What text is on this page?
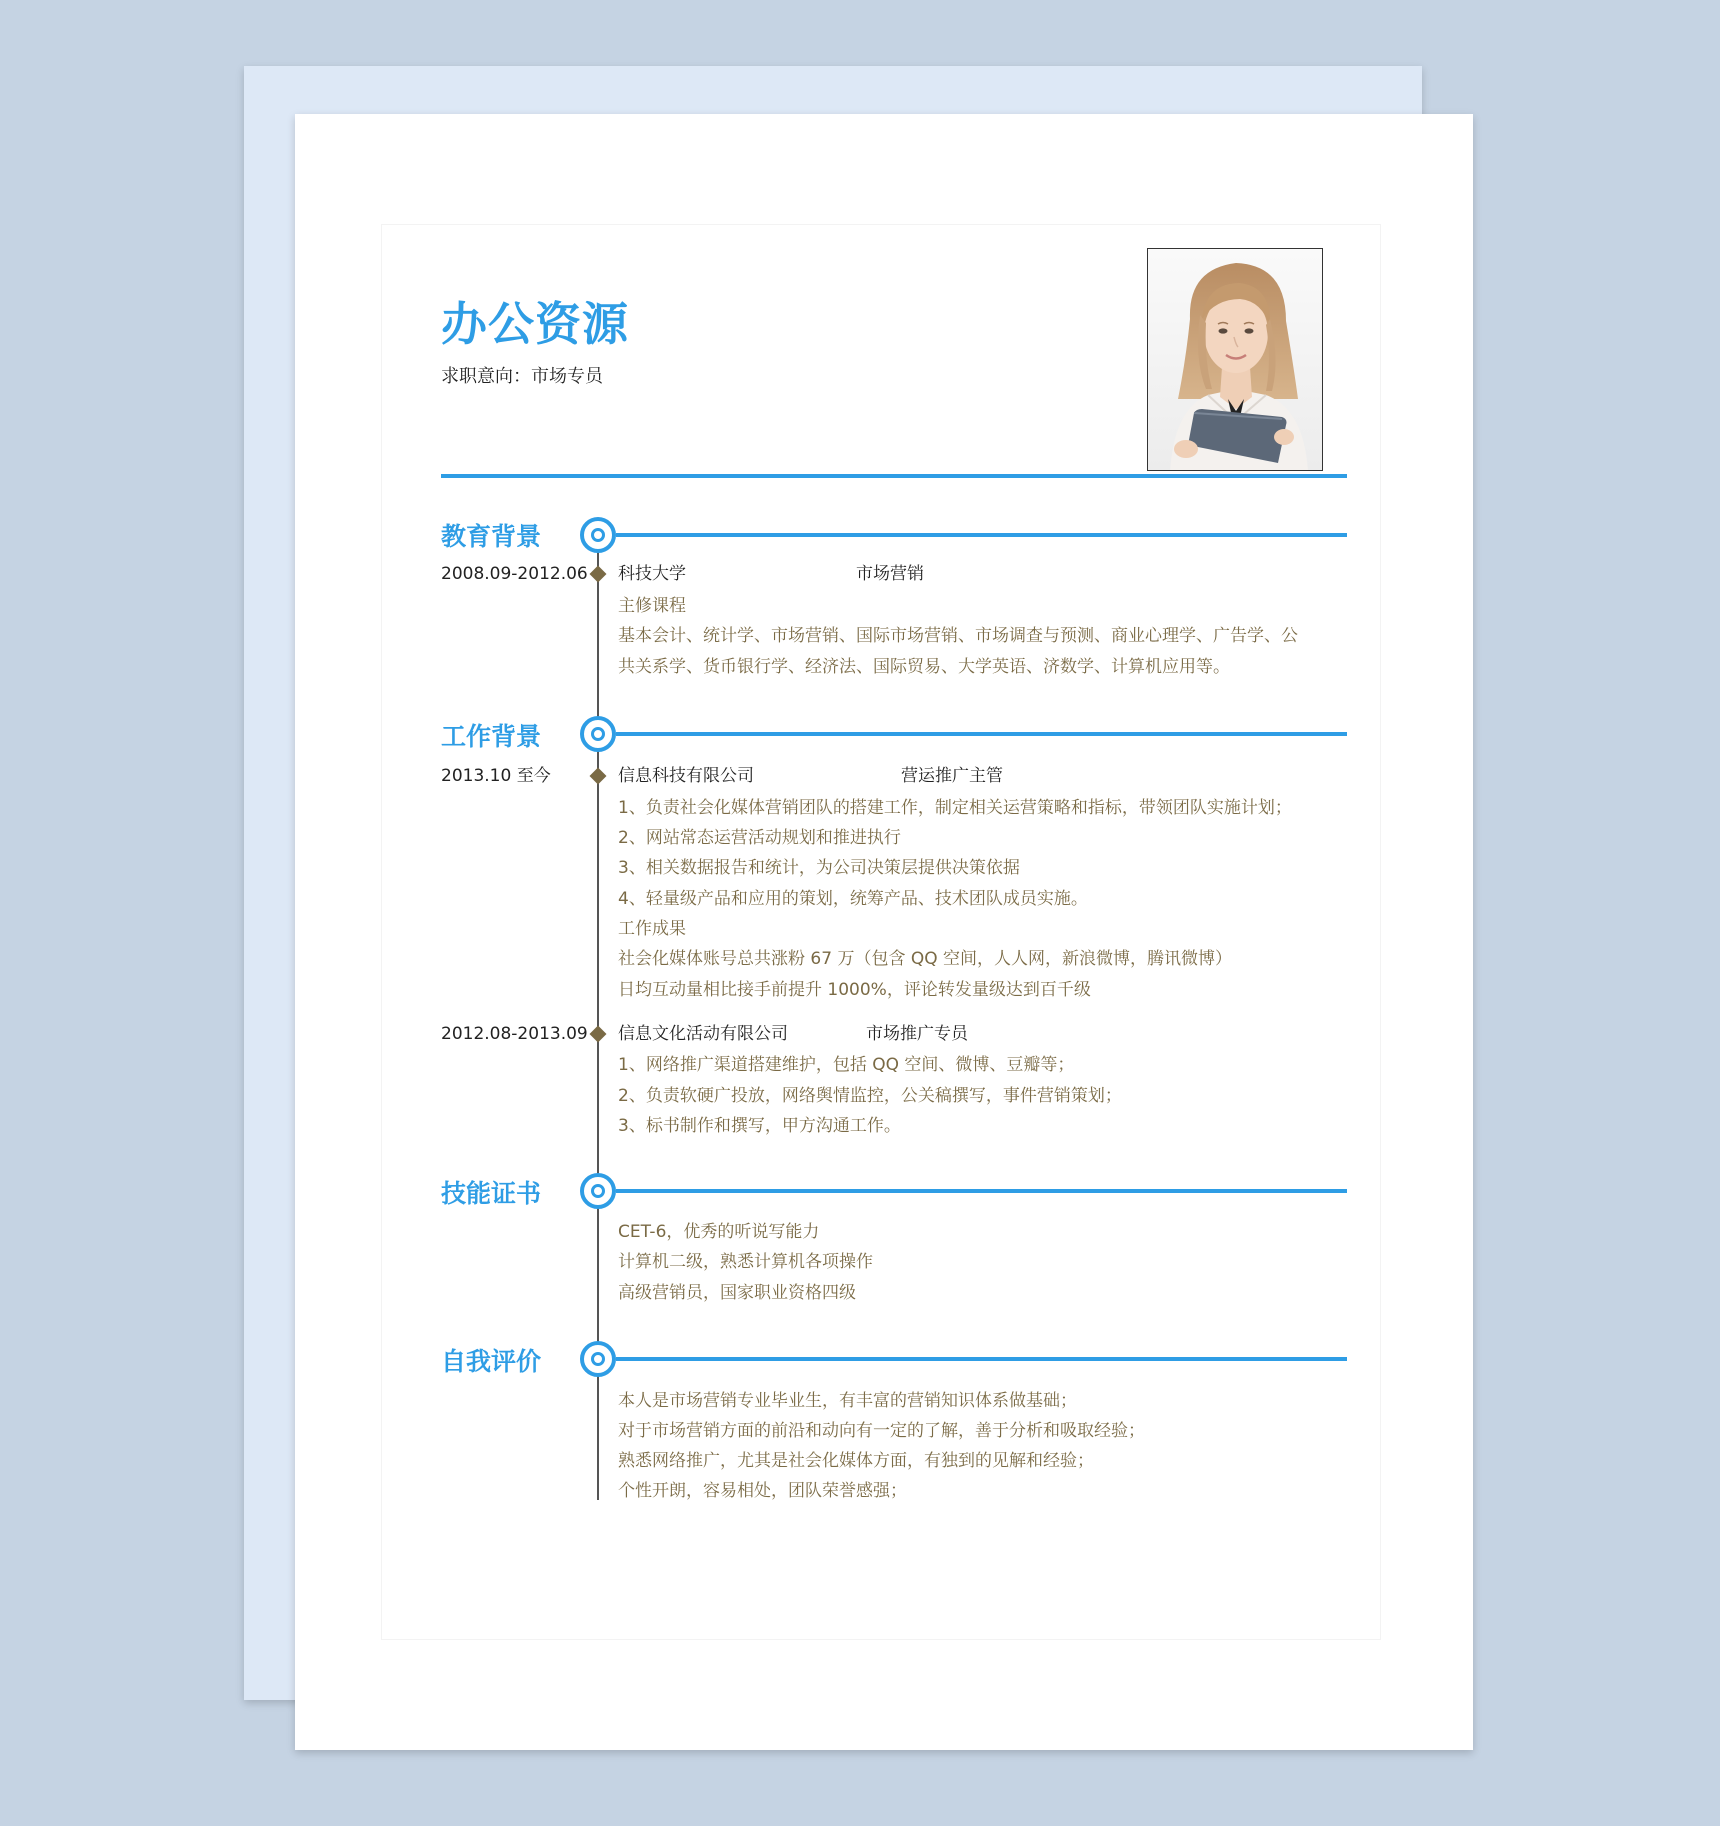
办公资源
求职意向：市场专员
教育背景
2008.09-2012.06 科技大学	市场营销
主修课程
基本会计、统计学、市场营销、国际市场营销、市场调查与预测、商业心理学、广告学、公
共关系学、货币银行学、经济法、国际贸易、大学英语、济数学、计算机应用等。
工作背景
2013.10 至今	信息科技有限公司	营运推广主管
1、负责社会化媒体营销团队的搭建工作，制定相关运营策略和指标，带领团队实施计划；
2、网站常态运营活动规划和推进执行
3、相关数据报告和统计，为公司决策层提供决策依据
4、轻量级产品和应用的策划，统筹产品、技术团队成员实施。
工作成果
社会化媒体账号总共涨粉 67 万（包含 QQ 空间，人人网，新浪微博，腾讯微博）
日均互动量相比接手前提升 1000%，评论转发量级达到百千级
2012.08-2013.09 信息文化活动有限公司	市场推广专员
1、网络推广渠道搭建维护，包括 QQ 空间、微博、豆瓣等；
2、负责软硬广投放，网络舆情监控，公关稿撰写，事件营销策划；
3、标书制作和撰写，甲方沟通工作。
技能证书
CET-6，优秀的听说写能力
计算机二级，熟悉计算机各项操作
高级营销员，国家职业资格四级
自我评价
本人是市场营销专业毕业生，有丰富的营销知识体系做基础；
对于市场营销方面的前沿和动向有一定的了解，善于分析和吸取经验；
熟悉网络推广，尤其是社会化媒体方面，有独到的见解和经验；
个性开朗，容易相处，团队荣誉感强；
